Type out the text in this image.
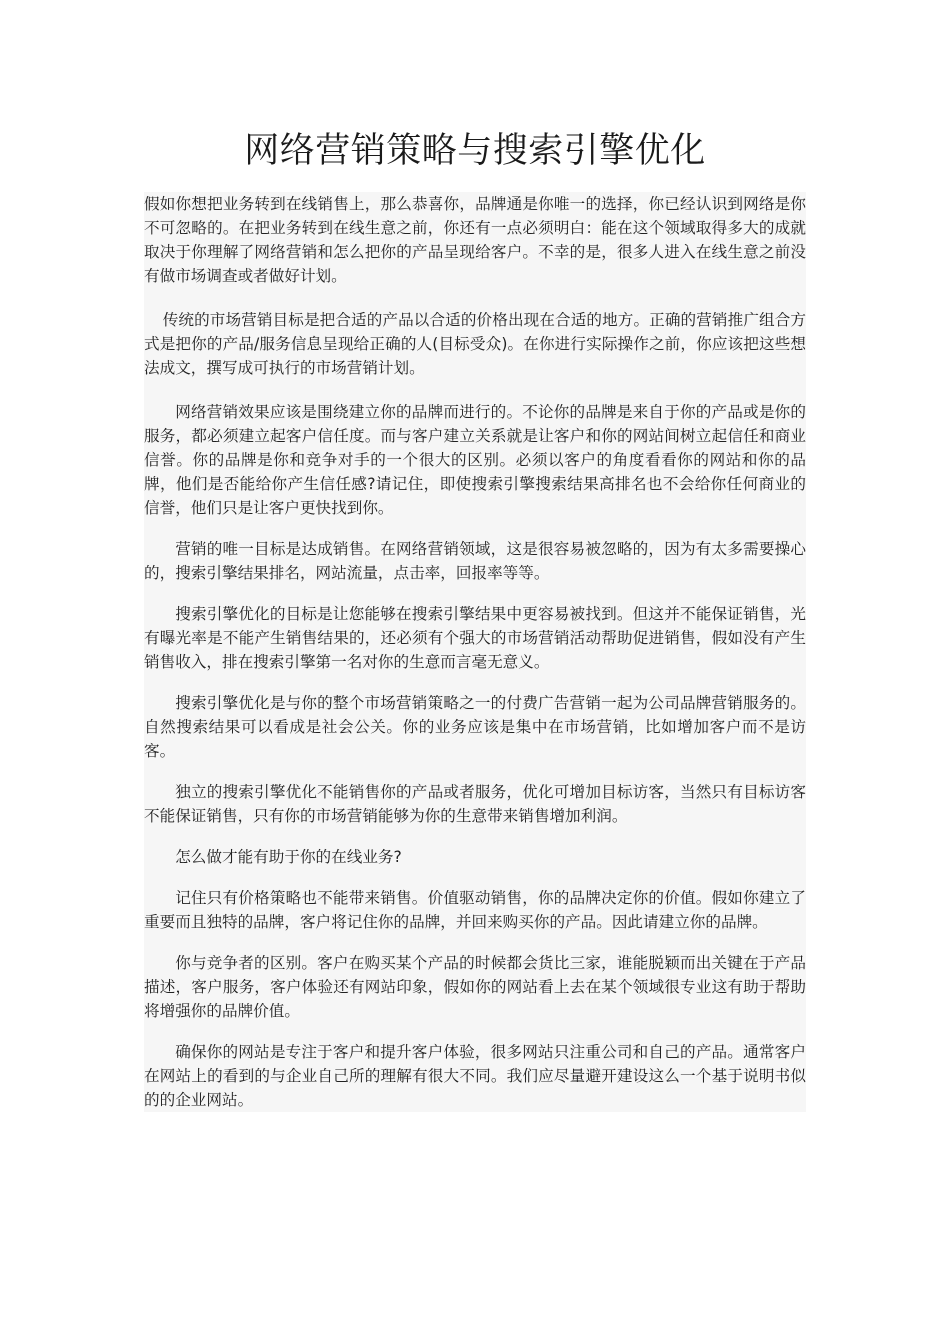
网络营销策略与搜索引擎优化

假如你想把业务转到在线销售上，那么恭喜你，品牌通是你唯一的选择，你已经认识到网络是你不可忽略的。在把业务转到在线生意之前，你还有一点必须明白：能在这个领域取得多大的成就取决于你理解了网络营销和怎么把你的产品呈现给客户。不幸的是，很多人进入在线生意之前没有做市场调查或者做好计划。

传统的市场营销目标是把合适的产品以合适的价格出现在合适的地方。正确的营销推广组合方式是把你的产品/服务信息呈现给正确的人(目标受众)。在你进行实际操作之前，你应该把这些想法成文，撰写成可执行的市场营销计划。

网络营销效果应该是围绕建立你的品牌而进行的。不论你的品牌是来自于你的产品或是你的服务，都必须建立起客户信任度。而与客户建立关系就是让客户和你的网站间树立起信任和商业信誉。你的品牌是你和竞争对手的一个很大的区别。必须以客户的角度看看你的网站和你的品牌，他们是否能给你产生信任感?请记住，即使搜索引擎搜索结果高排名也不会给你任何商业的信誉，他们只是让客户更快找到你。

营销的唯一目标是达成销售。在网络营销领域，这是很容易被忽略的，因为有太多需要操心的，搜索引擎结果排名，网站流量，点击率，回报率等等。

搜索引擎优化的目标是让您能够在搜索引擎结果中更容易被找到。但这并不能保证销售，光有曝光率是不能产生销售结果的，还必须有个强大的市场营销活动帮助促进销售，假如没有产生销售收入，排在搜索引擎第一名对你的生意而言毫无意义。

搜索引擎优化是与你的整个市场营销策略之一的付费广告营销一起为公司品牌营销服务的。自然搜索结果可以看成是社会公关。你的业务应该是集中在市场营销，比如增加客户而不是访客。

独立的搜索引擎优化不能销售你的产品或者服务，优化可增加目标访客，当然只有目标访客不能保证销售，只有你的市场营销能够为你的生意带来销售增加利润。

怎么做才能有助于你的在线业务?

记住只有价格策略也不能带来销售。价值驱动销售，你的品牌决定你的价值。假如你建立了重要而且独特的品牌，客户将记住你的品牌，并回来购买你的产品。因此请建立你的品牌。

你与竞争者的区别。客户在购买某个产品的时候都会货比三家，谁能脱颖而出关键在于产品描述，客户服务，客户体验还有网站印象，假如你的网站看上去在某个领域很专业这有助于帮助将增强你的品牌价值。

确保你的网站是专注于客户和提升客户体验，很多网站只注重公司和自己的产品。通常客户在网站上的看到的与企业自己所的理解有很大不同。我们应尽量避开建设这么一个基于说明书似的的企业网站。
